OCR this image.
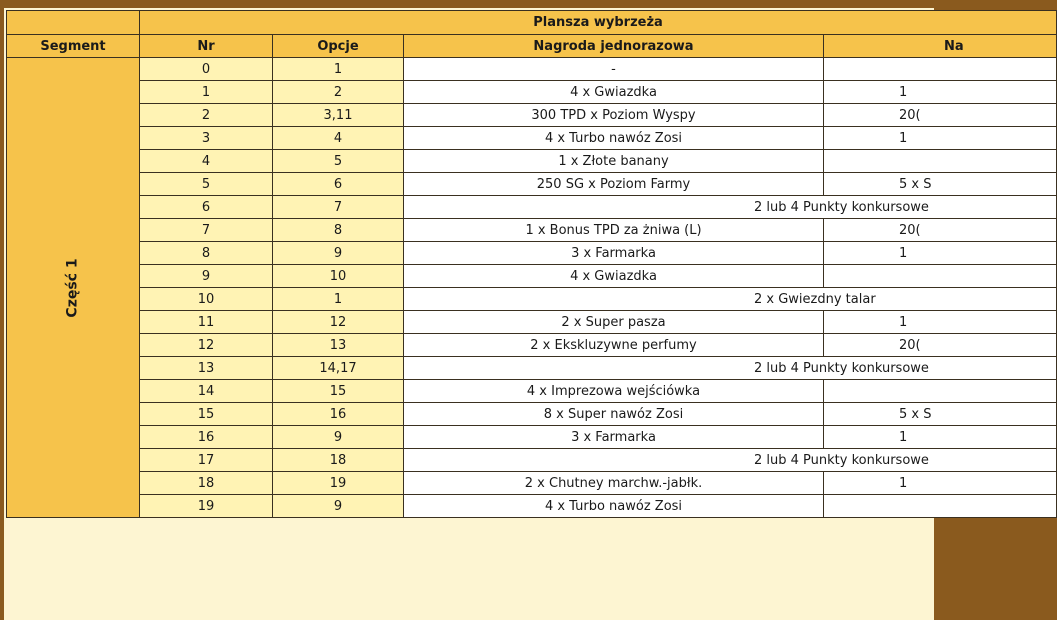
	Plansza wybrzeża			
Segment	Nr	Opcje	Nagroda jednorazowa	Na
Część 1	0	1	-	
	1	2	4 x Gwiazdka	1
	2	3,11	300 TPD x Poziom Wyspy	20(
	3	4	4 x Turbo nawóz Zosi	1
	4	5	1 x Złote banany	
	5	6	250 SG x Poziom Farmy	5 x S
	6	7	2 lub 4 Punkty konkursowe	
	7	8	1 x Bonus TPD za żniwa (L)	20(
	8	9	3 x Farmarka	1
	9	10	4 x Gwiazdka	
	10	1	2 x Gwiezdny talar	
	11	12	2 x Super pasza	1
	12	13	2 x Ekskluzywne perfumy	20(
	13	14,17	2 lub 4 Punkty konkursowe	
	14	15	4 x Imprezowa wejściówka	
	15	16	8 x Super nawóz Zosi	5 x S
	16	9	3 x Farmarka	1
	17	18	2 lub 4 Punkty konkursowe	
	18	19	2 x Chutney marchw.-jabłk.	1
	19	9	4 x Turbo nawóz Zosi	
